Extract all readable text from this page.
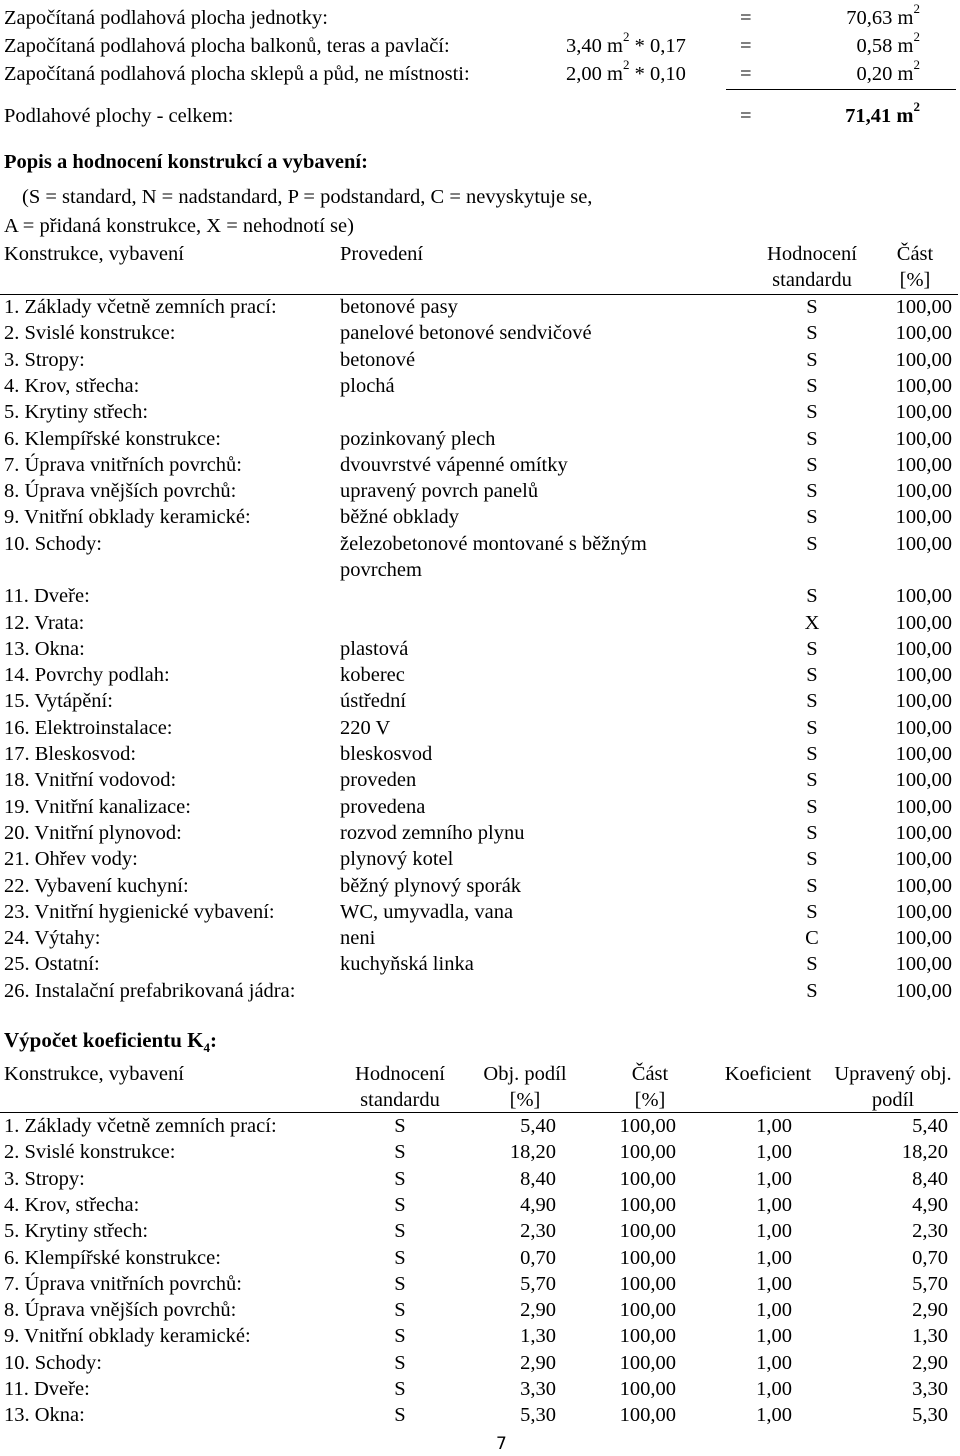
Započítaná podlahová plocha jednotky:	=	70,63 $m^2$
Započítaná podlahová plocha balkonů, teras a pavlačí:	3,40 $m^2 * 0,17$	=	0,58 $m^2$
Započítaná podlahová plocha sklepů a půd, ne místnosti:	2,00 $m^2 * 0,10$	=	0,20 $m^2$
Podlahové plochy - celkem:	=	71,41 $m^2$
Popis a hodnocení konstrukcí a vybavení:
(S = standard, N = nadstandard, P = podstandard, C = nevyskytuje se,
A = přidaná konstrukce, X = nehodnotí se)
Konstrukce, vybavení	Provedení	Hodnocení
standardu
Část
[%]
1. Základy včetně zemních prací:	betonové pasy	S	100,00
2. Svislé konstrukce:	panelové betonové sendvičové	S	100,00
3. Stropy:	betonové	S	100,00
4. Krov, střecha:	plochá	S	100,00
5. Krytiny střech:	S	100,00
6. Klempířské konstrukce:	pozinkovaný plech	S	100,00
7. Úprava vnitřních povrchů:	dvouvrstvé vápenné omítky	S	100,00
8. Úprava vnějších povrchů:	upravený povrch panelů	S	100,00
9. Vnitřní obklady keramické:	běžné obklady	S	100,00
10. Schody:	železobetonové montované s běžným	S	100,00
povrchem
11. Dveře:	S	100,00
12. Vrata:	X	100,00
13. Okna:	plastová	S	100,00
14. Povrchy podlah:	koberec	S	100,00
15. Vytápění:	ústřední	S	100,00
16. Elektroinstalace:	220 V	S	100,00
17. Bleskosvod:	bleskosvod	S	100,00
18. Vnitřní vodovod:	proveden	S	100,00
19. Vnitřní kanalizace:	provedena	S	100,00
20. Vnitřní plynovod:	rozvod zemního plynu	S	100,00
21. Ohřev vody:	plynový kotel	S	100,00
22. Vybavení kuchyní:	běžný plynový sporák	S	100,00
23. Vnitřní hygienické vybavení:	WC, umyvadla, vana	S	100,00
24. Výtahy:	neni	C	100,00
25. Ostatní:	kuchyňská linka	S	100,00
26. Instalační prefabrikovaná jádra:	S	100,00
Výpočet koeficientu $K_4$:
Konstrukce, vybavení	Hodnocení
standardu
Obj. podíl
[%]
Část
[%]
Koeficient	Upravený obj.
podíl
1. Základy včetně zemních prací:	S	5,40	100,00	1,00	5,40
2. Svislé konstrukce:	S	18,20	100,00	1,00	18,20
3. Stropy:	S	8,40	100,00	1,00	8,40
4. Krov, střecha:	S	4,90	100,00	1,00	4,90
5. Krytiny střech:	S	2,30	100,00	1,00	2,30
6. Klempířské konstrukce:	S	0,70	100,00	1,00	0,70
7. Úprava vnitřních povrchů:	S	5,70	100,00	1,00	5,70
8. Úprava vnějších povrchů:	S	2,90	100,00	1,00	2,90
9. Vnitřní obklady keramické:	S	1,30	100,00	1,00	1,30
10. Schody:	S	2,90	100,00	1,00	2,90
11. Dveře:	S	3,30	100,00	1,00	3,30
13. Okna:	S	5,30	100,00	1,00	5,30
7
